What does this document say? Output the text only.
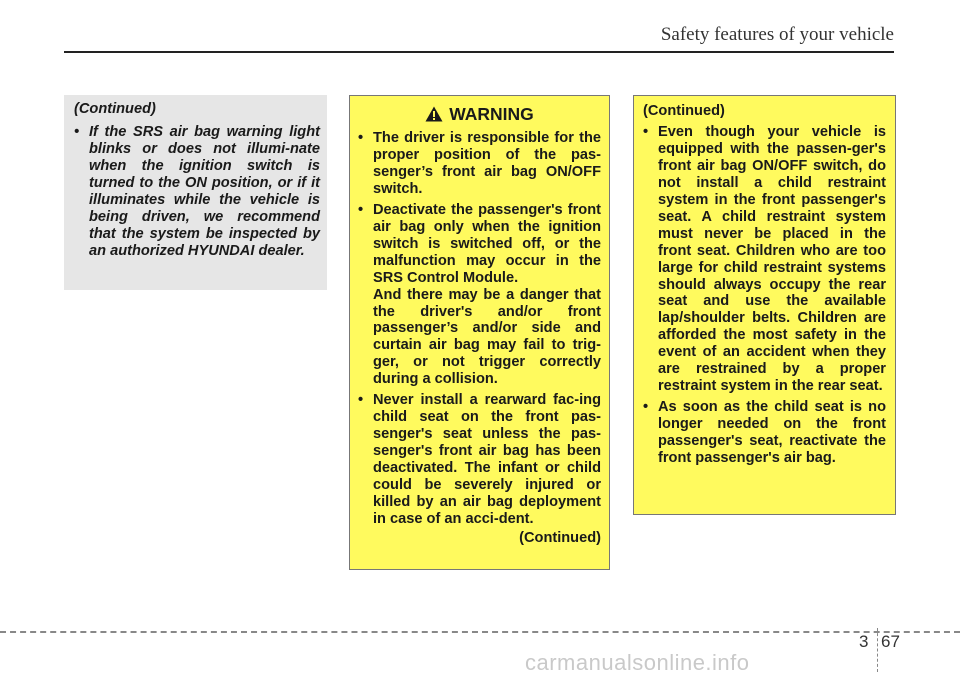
Safety features of your vehicle
(Continued)
• If the SRS air bag warning light blinks or does not illumi-nate when the ignition switch is turned to the ON position, or if it illuminates while the vehicle is being driven, we recommend that the system be inspected by an authorized HYUNDAI dealer.
WARNING
• The driver is responsible for the proper position of the pas-senger’s front air bag ON/OFF switch.
• Deactivate the passenger's front air bag only when the ignition switch is switched off, or the malfunction may occur in the SRS Control Module.
And there may be a danger that the driver's and/or front passenger’s and/or side and curtain air bag may fail to trig-ger, or not trigger correctly during a collision.
• Never install a rearward fac-ing child seat on the front pas-senger's seat unless the pas-senger's front air bag has been deactivated. The infant or child could be severely injured or killed by an air bag deployment in case of an acci-dent.
(Continued)
(Continued)
• Even though your vehicle is equipped with the passen-ger's front air bag ON/OFF switch, do not install a child restraint system in the front passenger's seat. A child restraint system must never be placed in the front seat. Children who are too large for child restraint systems should always occupy the rear seat and use the available lap/shoulder belts. Children are afforded the most safety in the event of an accident when they are restrained by a proper restraint system in the rear seat.
• As soon as the child seat is no longer needed on the front passenger's seat, reactivate the front passenger's air bag.
3 67
carmanualsonline.info
